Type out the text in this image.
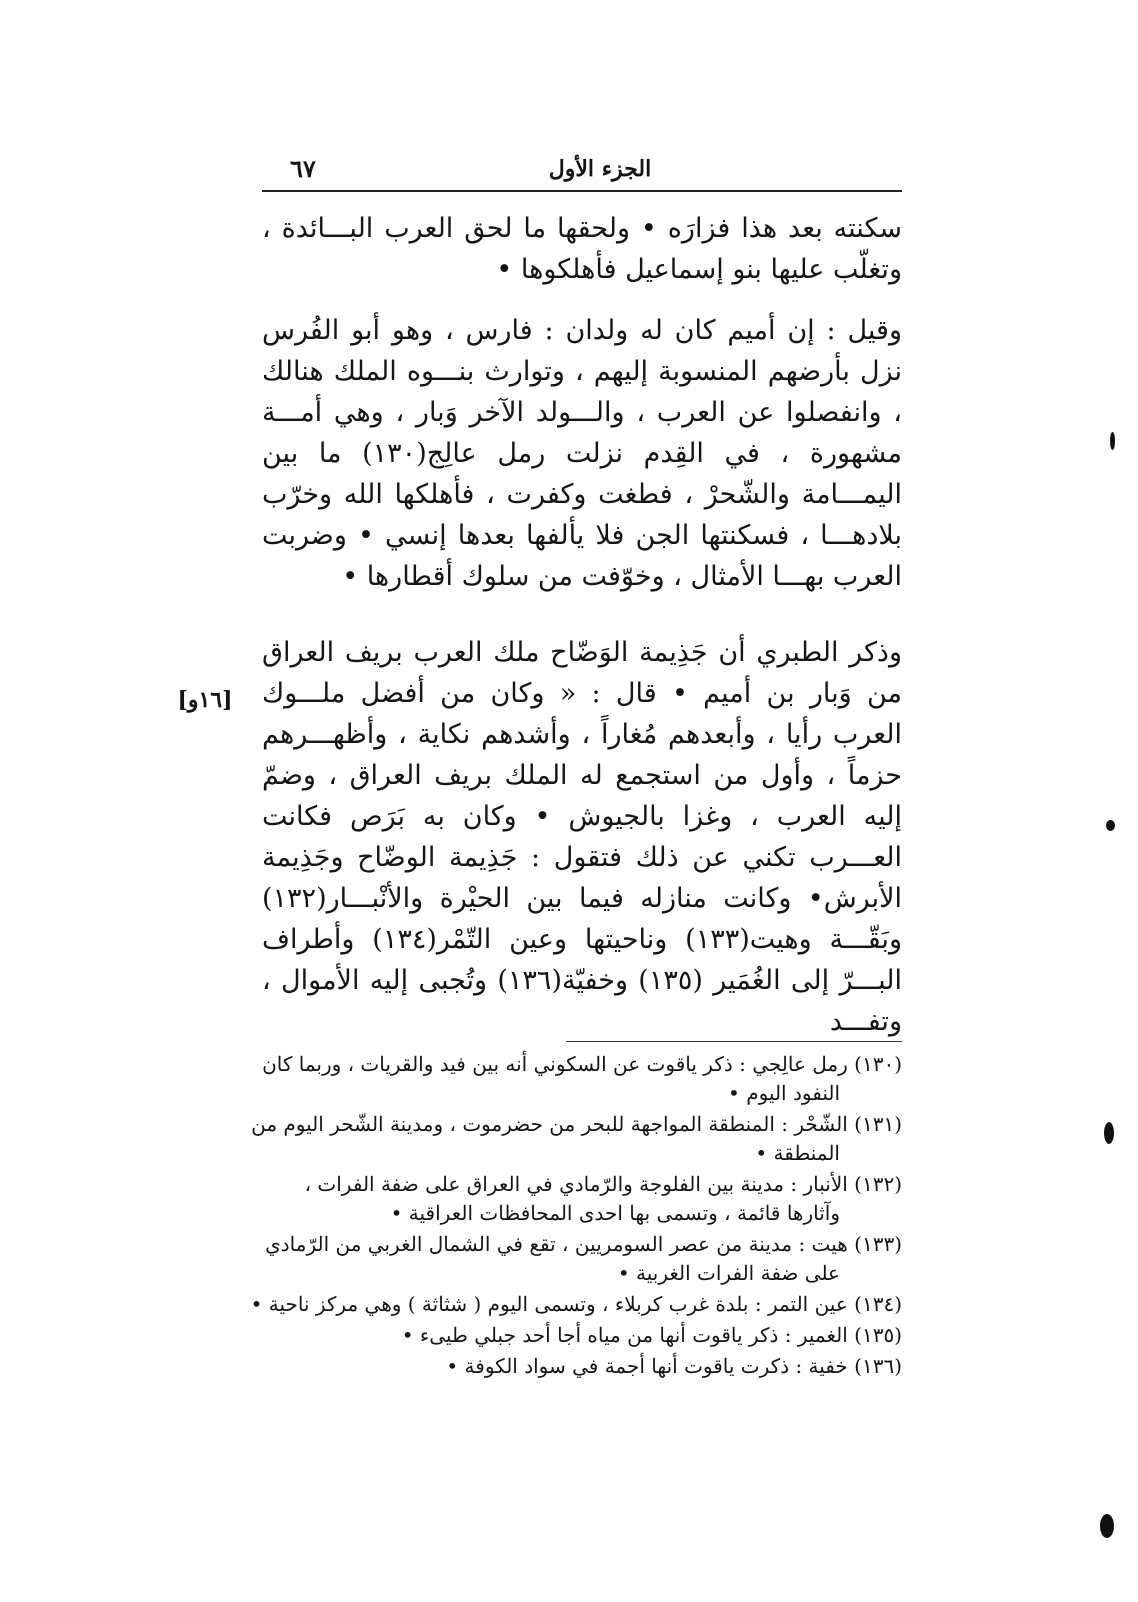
٦٧	الجزء الأول
سكنته بعد هذا فزارَه • ولحقها ما لحق العرب البـــائدة ، وتغلّب عليها بنو إسماعيل فأهلكوها •
وقيل : إن أميم كان له ولدان : فارس ، وهو أبو الفُرس نزل بأرضهم المنسوبة إليهم ، وتوارث بنـــوه الملك هنالك ، وانفصلوا عن العرب ، والـــولد الآخر وَبار ، وهي أمـــة مشهورة ، في القِدم نزلت رمل عالِج(١٣٠) ما بين اليمـــامة والشّحرْ ، فطغت وكفرت ، فأهلكها الله وخرّب بلادهـــا ، فسكنتها الجن فلا يألفها بعدها إنسي • وضربت العرب بهـــا الأمثال ، وخوّفت من سلوك أقطارها •
وذكر الطبري أن جَذِيمة الوَضّاح ملك العرب بريف العراق من وَبار بن أميم • قال : « وكان من أفضل ملـــوك العرب رأيا ، وأبعدهم مُغاراً ، وأشدهم نكاية ، وأظهـــرهم حزماً ، وأول من استجمع له الملك بريف العراق ، وضمّ إليه العرب ، وغزا بالجيوش • وكان به بَرَص فكانت العـــرب تكني عن ذلك فتقول : جَذِيمة الوضّاح وجَذِيمة الأبرش• وكانت منازله فيما بين الحيْرة والأنْبـــار(١٣٢) وبَقّـــة وهيت(١٣٣) وناحيتها وعين التّمْر(١٣٤) وأطراف البـــرّ إلى الغُمَير (١٣٥) وخفيّة(١٣٦) وتُجبى إليه الأموال ، وتفـــد
[١٦و]

(١٣٠) رمل عالِجي : ذكر ياقوت عن السكوني أنه بين فيد والقريات ، وربما كان النفود اليوم •

(١٣١) الشّحْر : المنطقة المواجهة للبحر من حضرموت ، ومدينة الشّحر اليوم من المنطقة •

(١٣٢) الأنبار : مدينة بين الفلوجة والرّمادي في العراق على ضفة الفرات ، وآثارها قائمة ، وتسمى بها احدى المحافظات العراقية •

(١٣٣) هيت : مدينة من عصر السومريين ، تقع في الشمال الغربي من الرّمادي على ضفة الفرات الغربية •

(١٣٤) عين التمر : بلدة غرب كربلاء ، وتسمى اليوم ( شثاثة ) وهي مركز ناحية •

(١٣٥) الغمير : ذكر ياقوت أنها من مياه أجا أحد جبلي طيىء •

(١٣٦) خفية : ذكرت ياقوت أنها أجمة في سواد الكوفة •
